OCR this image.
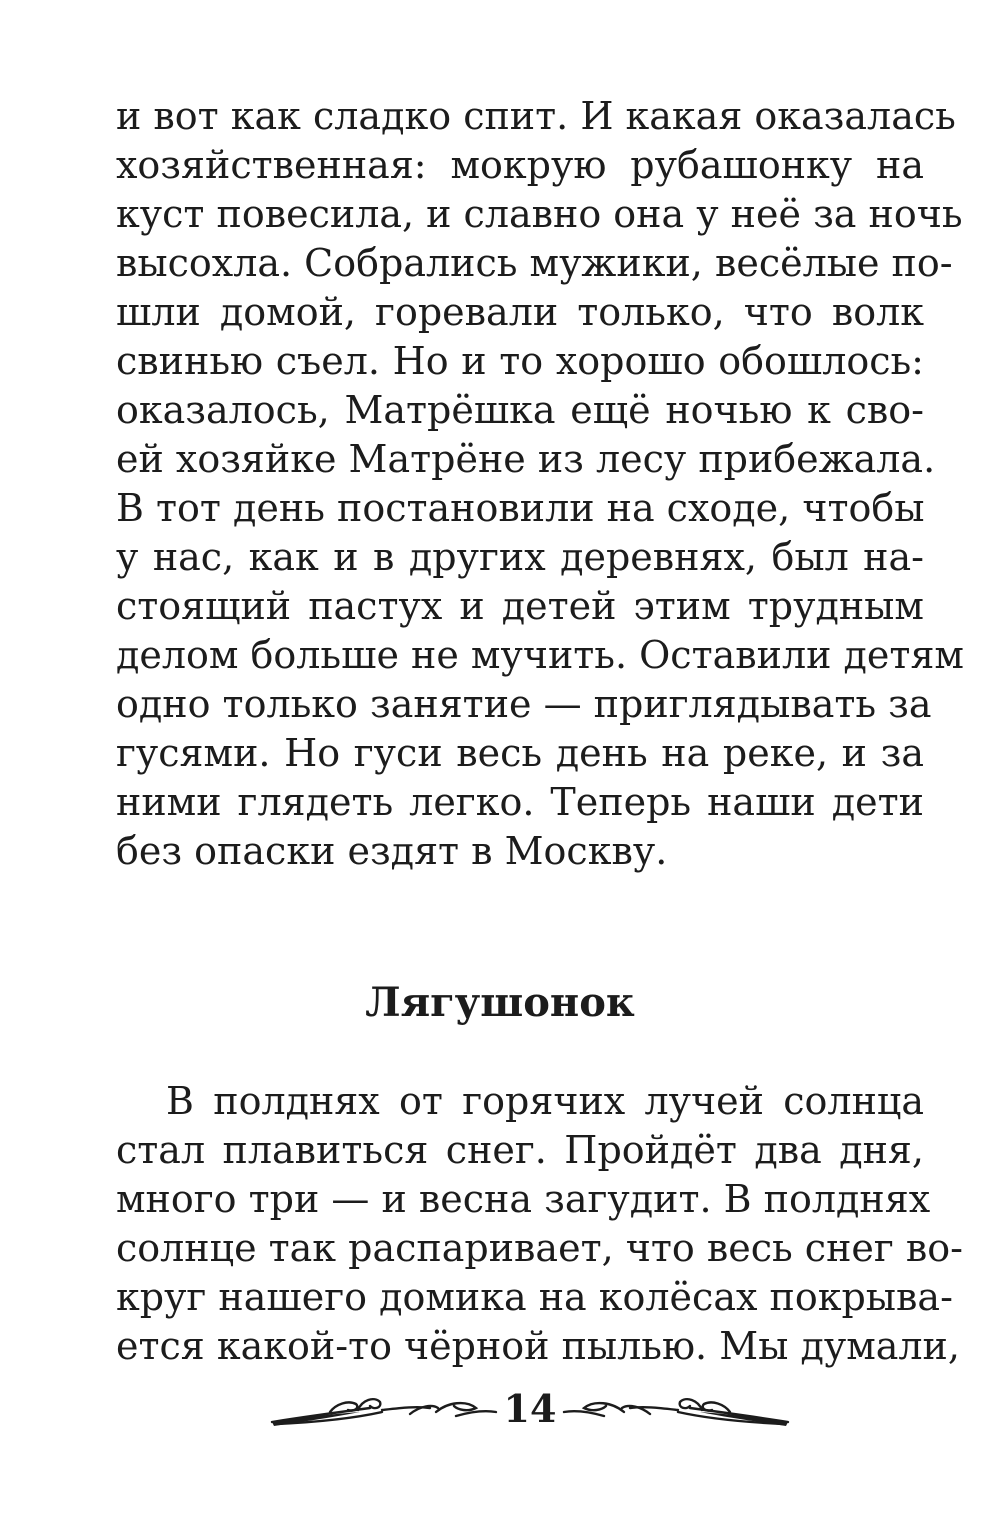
и вот как сладко спит. И какая оказалась
хозяйственная: мокрую рубашонку на
куст повесила, и славно она у неё за ночь
высохла. Собрались мужики, весёлые по-
шли домой, горевали только, что волк
свинью съел. Но и то хорошо обошлось:
оказалось, Матрёшка ещё ночью к сво-
ей хозяйке Матрёне из лесу прибежала.
В тот день постановили на сходе, чтобы
у нас, как и в других деревнях, был на-
стоящий пастух и детей этим трудным
делом больше не мучить. Оставили детям
одно только занятие — приглядывать за
гусями. Но гуси весь день на реке, и за
ними глядеть легко. Теперь наши дети
без опаски ездят в Москву.
Лягушонок
В полднях от горячих лучей солнца
стал плавиться снег. Пройдёт два дня,
много три — и весна загудит. В полднях
солнце так распаривает, что весь снег во-
круг нашего домика на колёсах покрыва-
ется какой-то чёрной пылью. Мы думали,
14
